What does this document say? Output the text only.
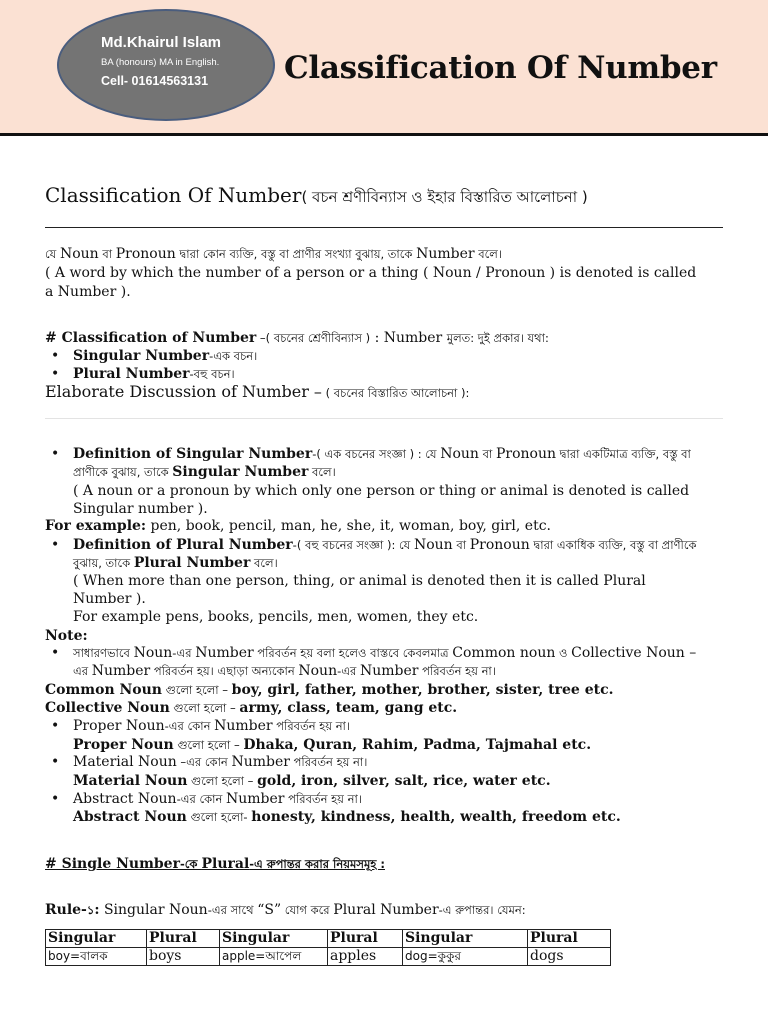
Md.Khairul Islam
BA (honours) MA in English.
Cell- 01614563131 Classification Of Number
Classification Of Number( বচন শ্রণীবিন্যাস ও ইহার বিস্তারিত আলোচনা )
যে Noun বা Pronoun দ্বারা কোন ব্যক্তি, বস্তু বা প্রাণীর সংখ্যা বুঝায়, তাকে Number বলে।
( A word by which the number of a person or a thing ( Noun / Pronoun ) is denoted is called
a Number ).
# Classification of Number –( বচনের শ্রেণীবিন্যাস ) : Number মুলত: দুই প্রকার। যথা:
• Singular Number-এক বচন।
• Plural Number-বহু বচন।
Elaborate Discussion of Number – ( বচনের বিস্তারিত আলোচনা ):
• Definition of Singular Number-( এক বচনের সংজ্ঞা ) : যে Noun বা Pronoun দ্বারা একটিমাত্র ব্যক্তি, বস্তু বা
প্রাণীকে বুঝায়, তাকে Singular Number বলে।
( A noun or a pronoun by which only one person or thing or animal is denoted is called
Singular number ).
For example: pen, book, pencil, man, he, she, it, woman, boy, girl, etc.
• Definition of Plural Number-( বহু বচনের সংজ্ঞা ): যে Noun বা Pronoun দ্বারা একাধিক ব্যক্তি, বস্তু বা প্রাণীকে
বুঝায়, তাকে Plural Number বলে।
( When more than one person, thing, or animal is denoted then it is called Plural
Number ).
For example pens, books, pencils, men, women, they etc.
Note:
• সাধারণভাবে Noun-এর Number পরিবর্তন হয় বলা হলেও বাস্তবে কেবলমাত্র Common noun ও Collective Noun –
এর Number পরিবর্তন হয়। এছাড়া অন্যকোন Noun-এর Number পরিবর্তন হয় না।
Common Noun গুলো হলো – boy, girl, father, mother, brother, sister, tree etc.
Collective Noun গুলো হলো – army, class, team, gang etc.
• Proper Noun-এর কোন Number পরিবর্তন হয় না।
Proper Noun গুলো হলো – Dhaka, Quran, Rahim, Padma, Tajmahal etc.
• Material Noun –এর কোন Number পরিবর্তন হয় না।
Material Noun গুলো হলো – gold, iron, silver, salt, rice, water etc.
• Abstract Noun-এর কোন Number পরিবর্তন হয় না।
Abstract Noun গুলো হলো- honesty, kindness, health, wealth, freedom etc.
# Single Number-কে Plural-এ রুপান্তর করার নিয়মসমূহ :
Rule-১: Singular Noun-এর সাথে “S” যোগ করে Plural Number-এ রুপান্তর। যেমন:
Singular	Plural	Singular	Plural	Singular	Plural
boy=বালক	boys	apple=আপেল	apples	dog=কুকুর	dogs
